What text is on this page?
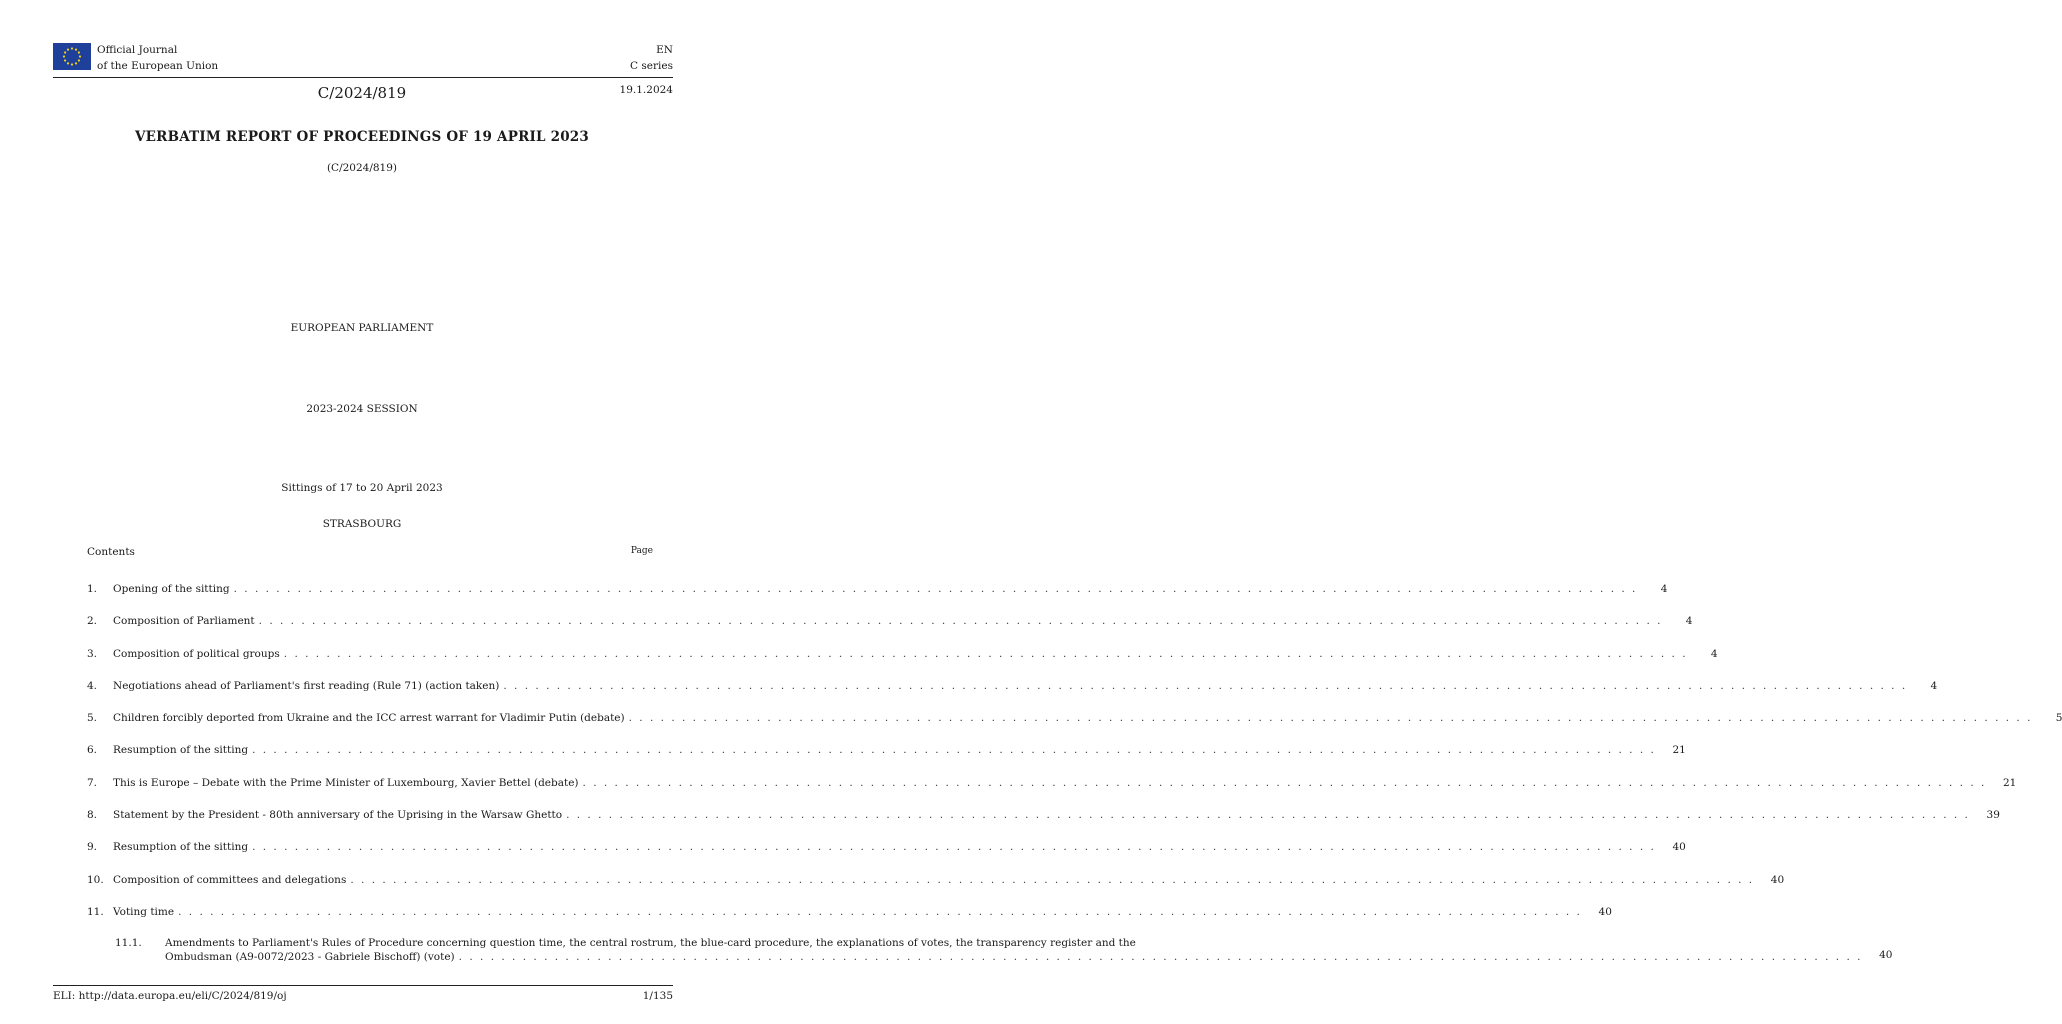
Official Journal
of the European Union
EN
C series
C/2024/819	19.1.2024
VERBATIM REPORT OF PROCEEDINGS OF 19 APRIL 2023
(C/2024/819)
EUROPEAN PARLIAMENT
2023-2024 SESSION
Sittings of 17 to 20 April 2023
STRASBOURG
Contents	Page
1.	Opening of the sitting . . .	4
2.	Composition of Parliament . . .	4
3.	Composition of political groups . . .	4
4.	Negotiations ahead of Parliament's first reading (Rule 71) (action taken) . . .	4
5.	Children forcibly deported from Ukraine and the ICC arrest warrant for Vladimir Putin (debate) . . .	5
6.	Resumption of the sitting . . .	21
7.	This is Europe – Debate with the Prime Minister of Luxembourg, Xavier Bettel (debate) . . .	21
8.	Statement by the President - 80th anniversary of the Uprising in the Warsaw Ghetto . . .	39
9.	Resumption of the sitting . . .	40
10. Composition of committees and delegations . . .	40
11. Voting time . . .	40
11.1.	Amendments to Parliament's Rules of Procedure concerning question time, the central rostrum, the blue-card procedure, the explanations of votes, the transparency register and the
Ombudsman (A9-0072/2023 - Gabriele Bischoff) (vote) . . .	40
ELI: http://data.europa.eu/eli/C/2024/819/oj	1/135
